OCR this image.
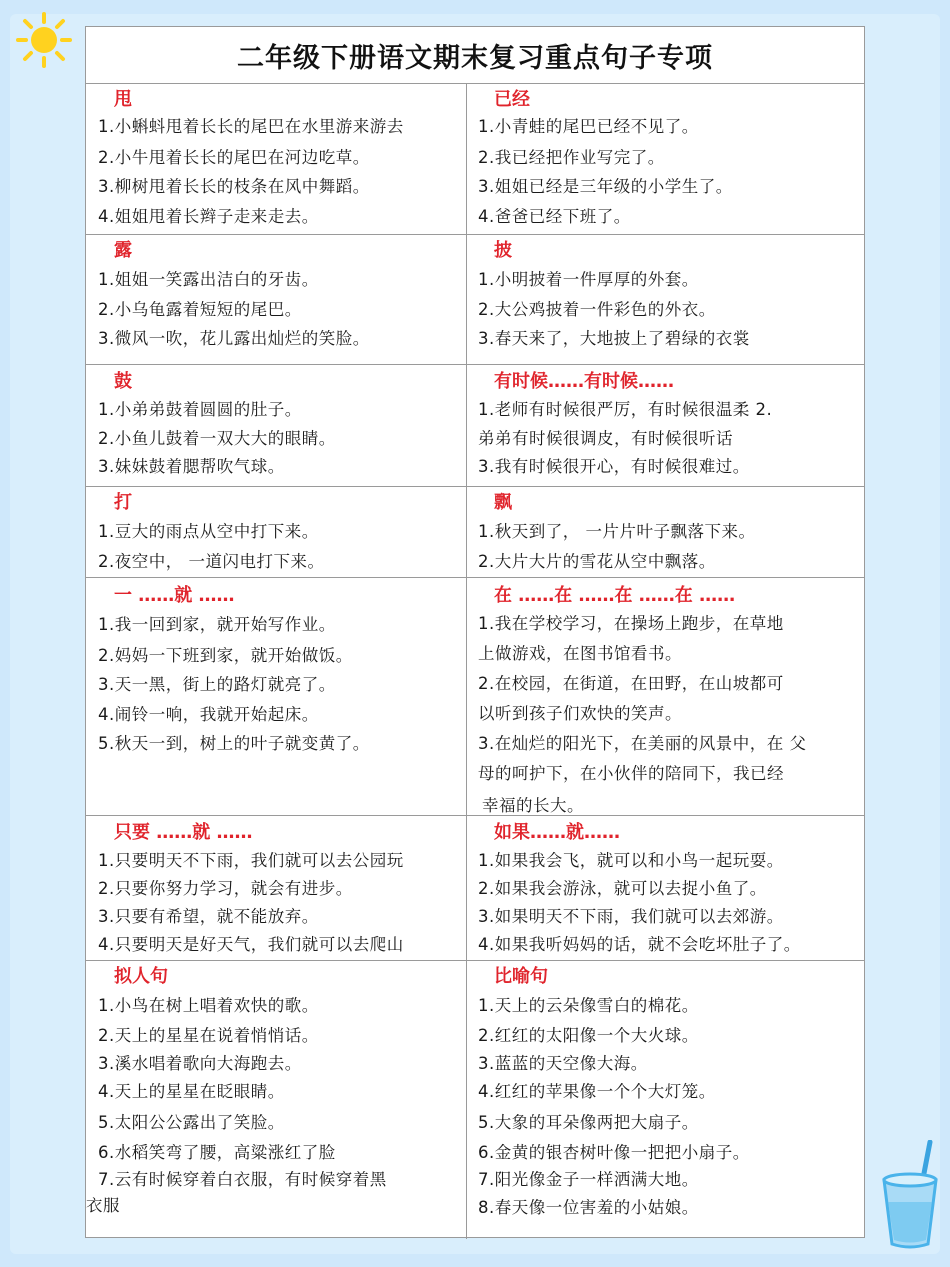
二年级下册语文期末复习重点句子专项
甩
1.小蝌蚪甩着长长的尾巴在水里游来游去
2.小牛甩着长长的尾巴在河边吃草。
3.柳树甩着长长的枝条在风中舞蹈。
4.姐姐甩着长辫子走来走去。
已经
1.小青蛙的尾巴已经不见了。
2.我已经把作业写完了。
3.姐姐已经是三年级的小学生了。
4.爸爸已经下班了。
露
1.姐姐一笑露出洁白的牙齿。
2.小乌龟露着短短的尾巴。
3.微风一吹，花儿露出灿烂的笑脸。
披
1.小明披着一件厚厚的外套。
2.大公鸡披着一件彩色的外衣。
3.春天来了，大地披上了碧绿的衣裳
鼓
1.小弟弟鼓着圆圆的肚子。
2.小鱼儿鼓着一双大大的眼睛。
3.妹妹鼓着腮帮吹气球。
有时候……有时候……
1.老师有时候很严厉，有时候很温柔 2.
弟弟有时候很调皮，有时候很听话
3.我有时候很开心，有时候很难过。
打
1.豆大的雨点从空中打下来。
2.夜空中， 一道闪电打下来。
飘
1.秋天到了， 一片片叶子飘落下来。
2.大片大片的雪花从空中飘落。
一 ……就 ……
1.我一回到家，就开始写作业。
2.妈妈一下班到家，就开始做饭。
3.天一黑，街上的路灯就亮了。
4.闹铃一响，我就开始起床。
5.秋天一到，树上的叶子就变黄了。
在 ……在 ……在 ……在 ……
1.我在学校学习，在操场上跑步，在草地
上做游戏，在图书馆看书。
2.在校园，在街道，在田野，在山坡都可
以听到孩子们欢快的笑声。
3.在灿烂的阳光下，在美丽的风景中，在 父
母的呵护下，在小伙伴的陪同下，我已经
幸福的长大。
只要 ……就 ……
1.只要明天不下雨，我们就可以去公园玩
2.只要你努力学习，就会有进步。
3.只要有希望，就不能放弃。
4.只要明天是好天气，我们就可以去爬山
如果……就……
1.如果我会飞，就可以和小鸟一起玩耍。
2.如果我会游泳，就可以去捉小鱼了。
3.如果明天不下雨，我们就可以去郊游。
4.如果我听妈妈的话，就不会吃坏肚子了。
拟人句
1.小鸟在树上唱着欢快的歌。
2.天上的星星在说着悄悄话。
3.溪水唱着歌向大海跑去。
4.天上的星星在眨眼睛。
5.太阳公公露出了笑脸。
6.水稻笑弯了腰，高粱涨红了脸
7.云有时候穿着白衣服，有时候穿着黑
衣服
比喻句
1.天上的云朵像雪白的棉花。
2.红红的太阳像一个大火球。
3.蓝蓝的天空像大海。
4.红红的苹果像一个个大灯笼。
5.大象的耳朵像两把大扇子。
6.金黄的银杏树叶像一把把小扇子。
7.阳光像金子一样洒满大地。
8.春天像一位害羞的小姑娘。
